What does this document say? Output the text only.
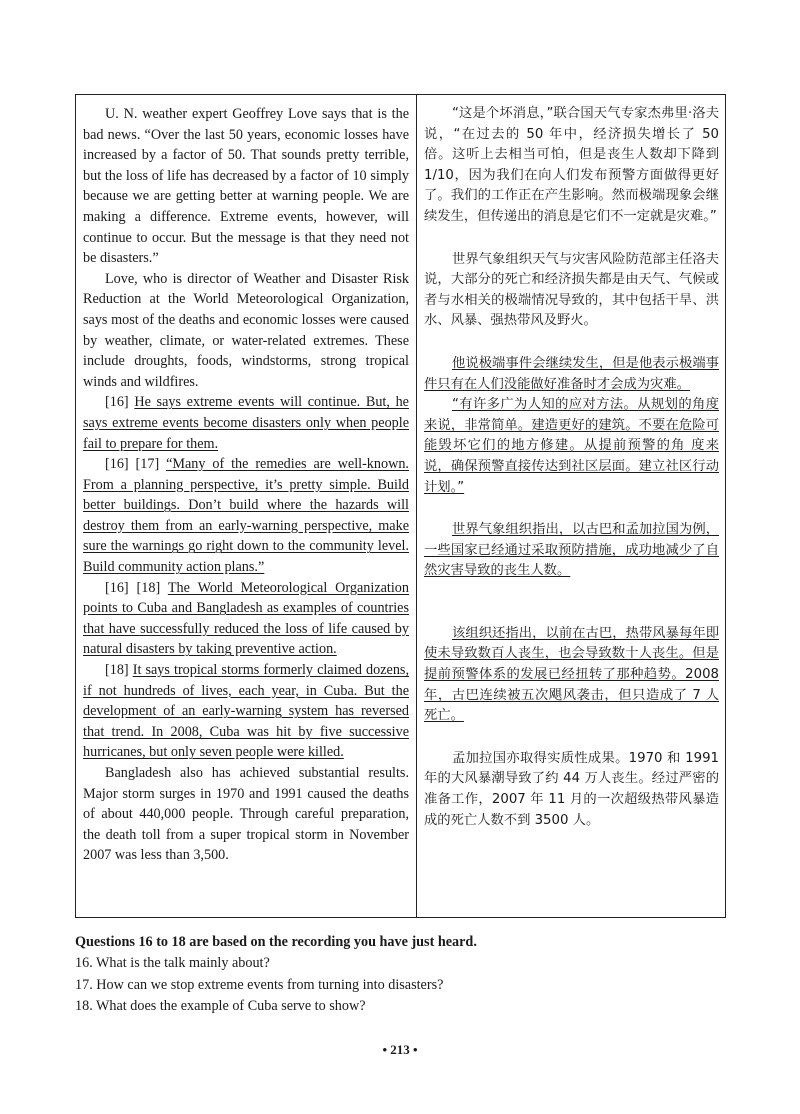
U. N. weather expert Geoffrey Love says that is the bad news. “Over the last 50 years, economic losses have increased by a factor of 50. That sounds pretty terrible, but the loss of life has decreased by a factor of 10 simply because we are getting better at warning people. We are making a difference. Extreme events, however, will continue to occur. But the message is that they need not be disasters.”

Love, who is director of Weather and Disaster Risk Reduction at the World Meteorological Organization, says most of the deaths and economic losses were caused by weather, climate, or water-related extremes. These include droughts, foods, windstorms, strong tropical winds and wildfires.

[16] He says extreme events will continue. But, he says extreme events become disasters only when people fail to prepare for them.

[16] [17] “Many of the remedies are well-known. From a planning perspective, it’s pretty simple. Build better buildings. Don’t build where the hazards will destroy them from an early-warning perspective, make sure the warnings go right down to the community level. Build community action plans.”

[16] [18] The World Meteorological Organization points to Cuba and Bangladesh as examples of countries that have successfully reduced the loss of life caused by natural disasters by taking preventive action.

[18] It says tropical storms formerly claimed dozens, if not hundreds of lives, each year, in Cuba. But the development of an early-warning system has reversed that trend. In 2008, Cuba was hit by five successive hurricanes, but only seven people were killed.

Bangladesh also has achieved substantial results. Major storm surges in 1970 and 1991 caused the deaths of about 440,000 people. Through careful preparation, the death toll from a super tropical storm in November 2007 was less than 3,500.

“这是个坏消息，”联合国天气专家杰弗里·洛夫说，“在过去的 50 年中，经济损失增长了 50 倍。这听上去相当可怕，但是丧生人数却下降到 1/10，因为我们在向人们发布预警方面做得更好了。我们的工作正在产生影响。然而极端现象会继续发生，但传递出的消息是它们不一定就是灾难。”

世界气象组织天气与灾害风险防范部主任洛夫说，大部分的死亡和经济损失都是由天气、气候或者与水相关的极端情况导致的，其中包括干旱、洪水、风暴、强热带风及野火。

他说极端事件会继续发生，但是他表示极端事件只有在人们没能做好准备时才会成为灾难。

“有许多广为人知的应对方法。从规划的角度来说，非常简单。建造更好的建筑。不要在危险可能毁坏它们的地方修建。从提前预警的角 度来说，确保预警直接传达到社区层面。建立社区行动计划。”

世界气象组织指出，以古巴和孟加拉国为例，一些国家已经通过采取预防措施，成功地减少了自然灾害导致的丧生人数。

该组织还指出，以前在古巴，热带风暴每年即使未导致数百人丧生，也会导致数十人丧生。但是提前预警体系的发展已经扭转了那种趋势。2008 年，古巴连续被五次飓风袭击，但只造成了 7 人死亡。

孟加拉国亦取得实质性成果。1970 和 1991 年的大风暴潮导致了约 44 万人丧生。经过严密的准备工作，2007 年 11 月的一次超级热带风暴造成的死亡人数不到 3500 人。

Questions 16 to 18 are based on the recording you have just heard.
16. What is the talk mainly about?
17. How can we stop extreme events from turning into disasters?
18. What does the example of Cuba serve to show?
• 213 •
